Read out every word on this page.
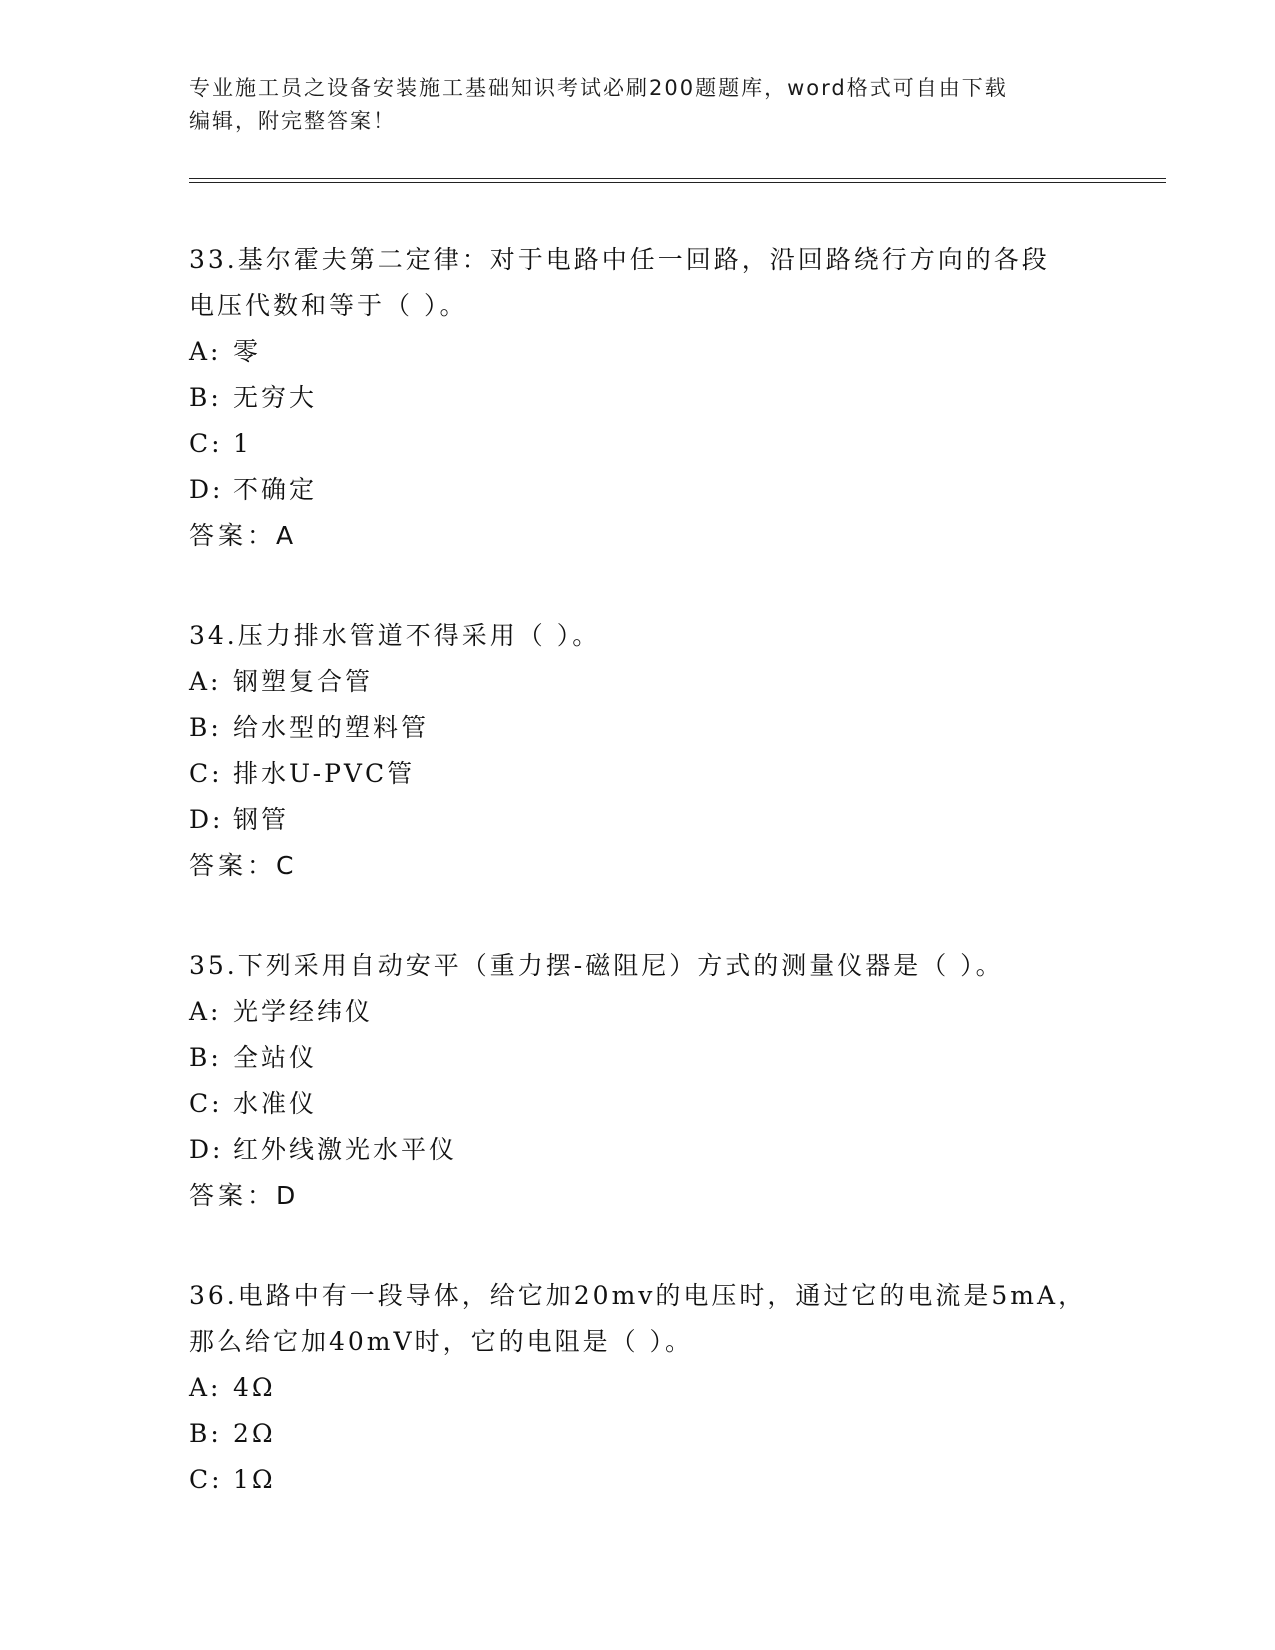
专业施工员之设备安装施工基础知识考试必刷200题题库，word格式可自由下载
编辑，附完整答案！
33.基尔霍夫第二定律：对于电路中任一回路，沿回路绕行方向的各段
电压代数和等于（ ）。
A: 零
B: 无穷大
C: 1
D: 不确定
答案：A
34.压力排水管道不得采用（ ）。
A: 钢塑复合管
B: 给水型的塑料管
C: 排水U-PVC管
D: 钢管
答案：C
35.下列采用自动安平（重力摆-磁阻尼）方式的测量仪器是（ ）。
A: 光学经纬仪
B: 全站仪
C: 水准仪
D: 红外线激光水平仪
答案：D
36.电路中有一段导体，给它加20mv的电压时，通过它的电流是5mA，
那么给它加40mV时，它的电阻是（ ）。
A: 4Ω
B: 2Ω
C: 1Ω
